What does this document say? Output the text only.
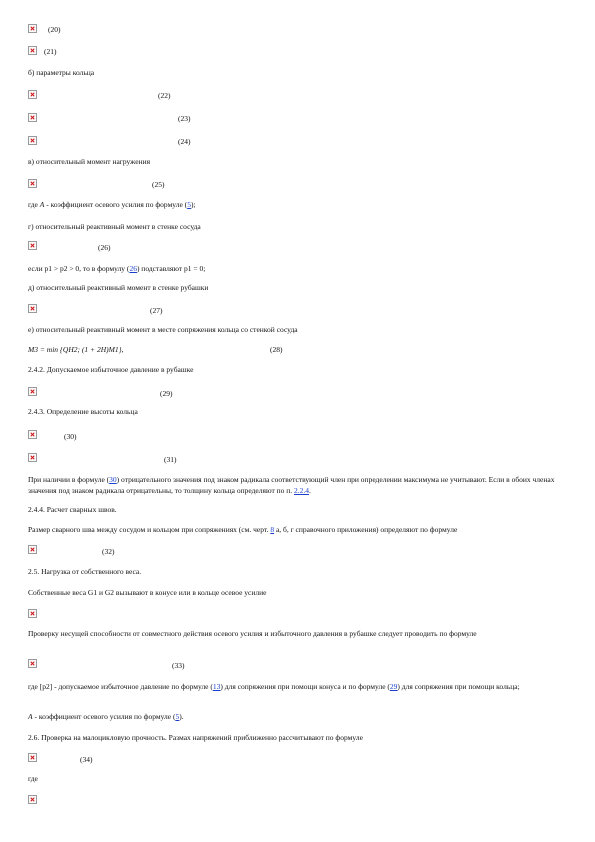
(20)
(21)
б) параметры кольца
(22)
(23)
(24)
в) относительный момент нагружения
(25)
где А - коэффициент осевого усилия по формуле (5);
г) относительный реактивный момент в стенке сосуда
(26)
если p1 > p2 > 0, то в формулу (26) подставляют p1 = 0;
д) относительный реактивный момент в стенке рубашки
(27)
е) относительный реактивный момент в месте сопряжения кольца со стенкой сосуда
M3 = min {QH2; (1 + 2H)M1},	(28)
2.4.2. Допускаемое избыточное давление в рубашке
(29)
2.4.3. Определение высоты кольца
(30)
(31)
При наличии в формуле (30) отрицательного значения под знаком радикала соответствующий член при определении максимума не учитывают. Если в обоих членах значения под знаком радикала отрицательны, то толщину кольца определяют по п. 2.2.4.
2.4.4. Расчет сварных швов.
Размер сварного шва между сосудом и кольцом при сопряжениях (см. черт. 8 а, б, г справочного приложения) определяют по формуле
(32)
2.5. Нагрузка от собственного веса.
Собственные веса G1 и G2 вызывают в конусе или в кольце осевое усилие
Проверку несущей способности от совместного действия осевого усилия и избыточного давления в рубашке следует проводить по формуле
(33)
где [p2] - допускаемое избыточное давление по формуле (13) для сопряжения при помощи конуса и по формуле (29) для сопряжения при помощи кольца;
А - коэффициент осевого усилия по формуле (5).
2.6. Проверка на малоцикловую прочность. Размах напряжений приближенно рассчитывают по формуле
(34)
где
